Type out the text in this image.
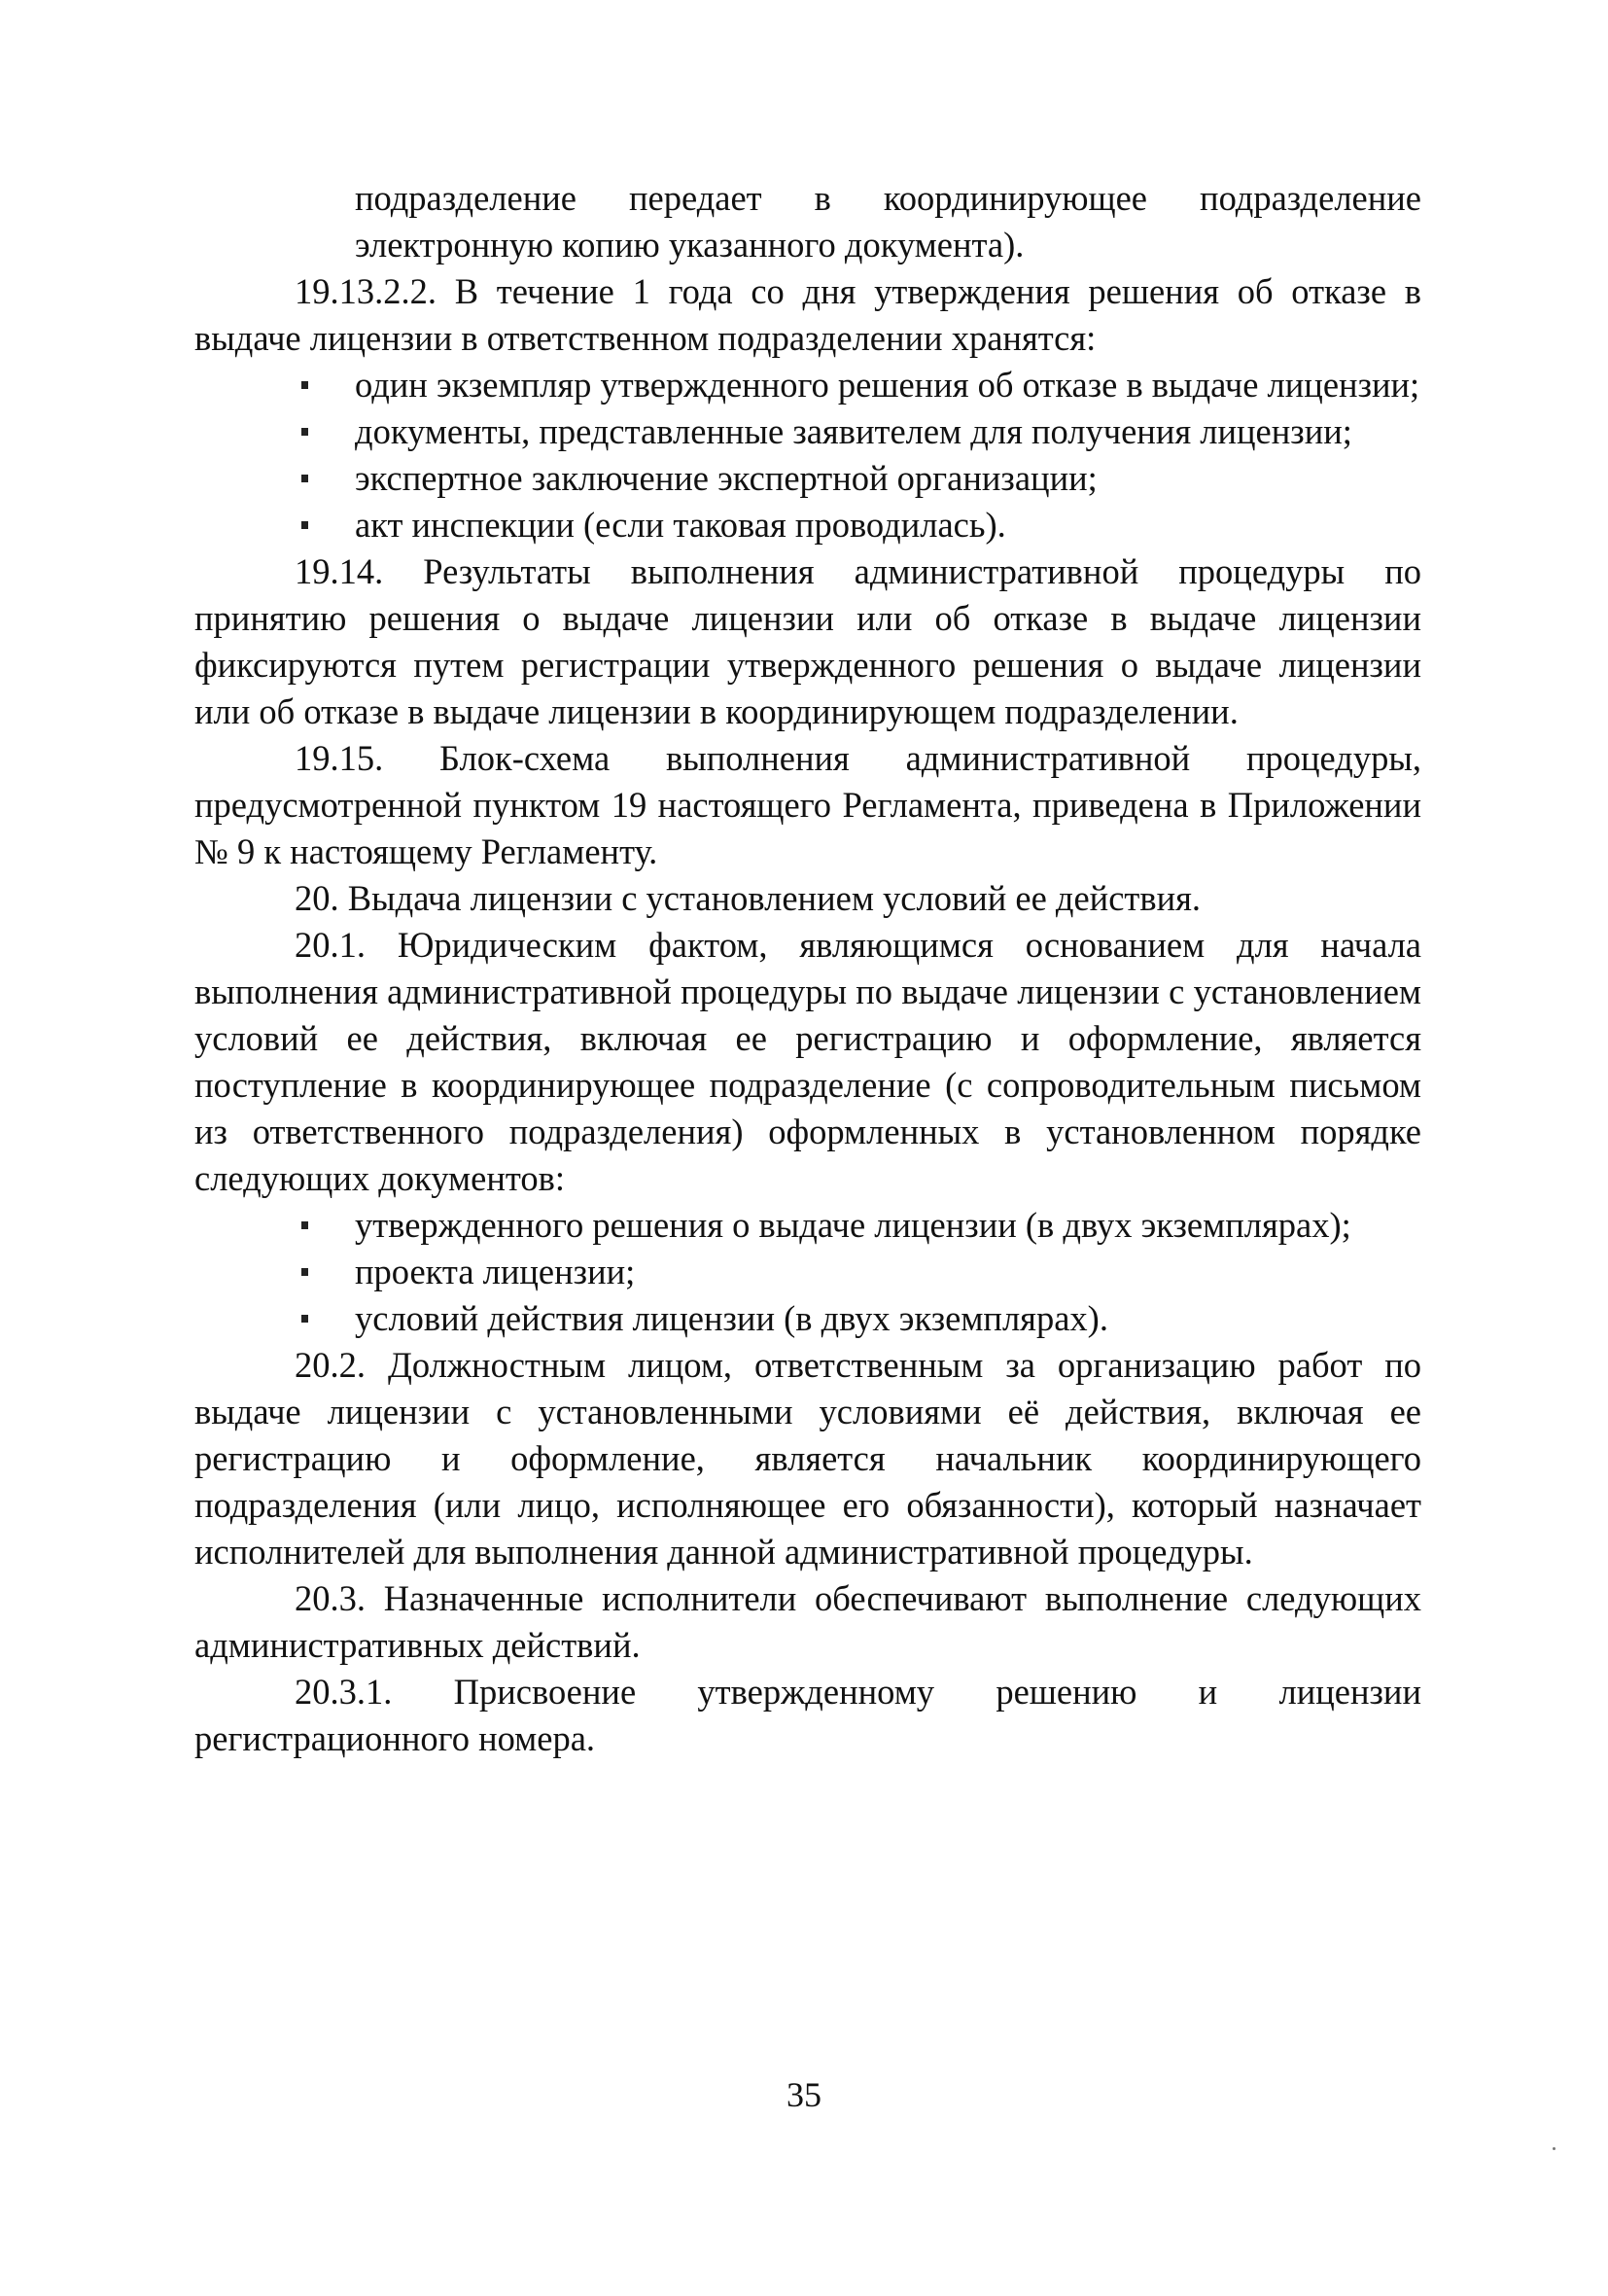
подразделение передает в координирующее подразделение электронную копию указанного документа).

19.13.2.2. В течение 1 года со дня утверждения решения об отказе в выдаче лицензии в ответственном подразделении хранятся:

один экземпляр утвержденного решения об отказе в выдаче лицензии;

документы, представленные заявителем для получения лицензии;

экспертное заключение экспертной организации;

акт инспекции (если таковая проводилась).

19.14. Результаты выполнения административной процедуры по принятию решения о выдаче лицензии или об отказе в выдаче лицензии фиксируются путем регистрации утвержденного решения о выдаче лицензии или об отказе в выдаче лицензии в координирующем подразделении.

19.15. Блок-схема выполнения административной процедуры, предусмотренной пунктом 19 настоящего Регламента, приведена в Приложении № 9 к настоящему Регламенту.

20. Выдача лицензии с установлением условий ее действия.

20.1. Юридическим фактом, являющимся основанием для начала выполнения административной процедуры по выдаче лицензии с установлением условий ее действия, включая ее регистрацию и оформление, является поступление в координирующее подразделение (с сопроводительным письмом из ответственного подразделения) оформленных в установленном порядке следующих документов:

утвержденного решения о выдаче лицензии (в двух экземплярах);

проекта лицензии;

условий действия лицензии (в двух экземплярах).

20.2. Должностным лицом, ответственным за организацию работ по выдаче лицензии с установленными условиями её действия, включая ее регистрацию и оформление, является начальник координирующего подразделения (или лицо, исполняющее его обязанности), который назначает исполнителей для выполнения данной административной процедуры.

20.3. Назначенные исполнители обеспечивают выполнение следующих административных действий.

20.3.1. Присвоение утвержденному решению и лицензии регистрационного номера.

35
